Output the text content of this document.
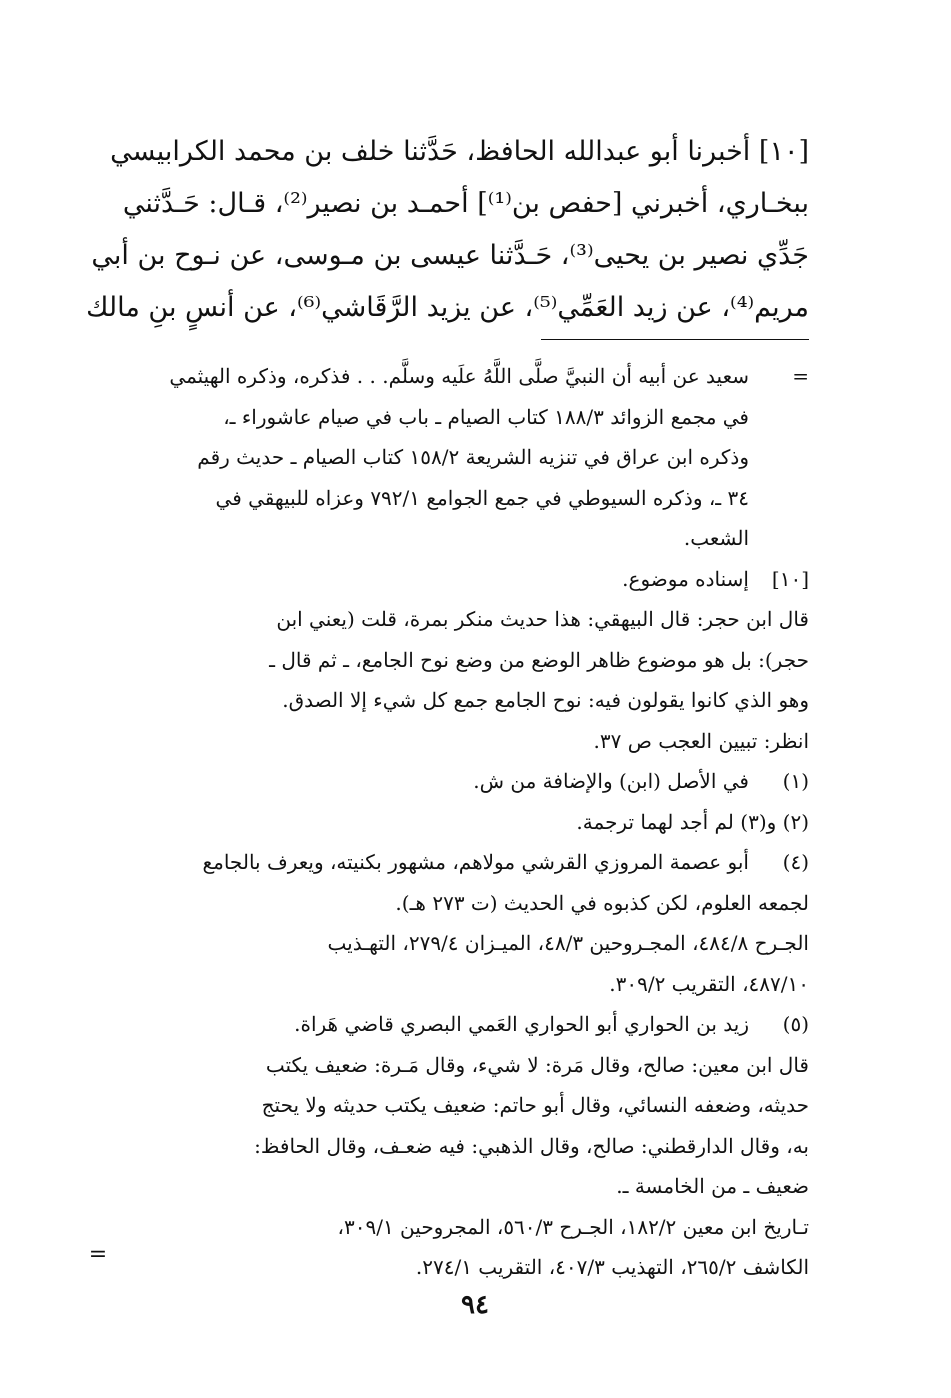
[١٠] أخبرنا أبو عبدالله الحافظ، حَدَّثنا خلف بن محمد الكرابيسي
ببخـاري، أخبرني [حفص بن⁽¹⁾] أحمـد بن نصير⁽²⁾، قـال: حَـدَّثني
جَدِّي نصير بن يحيى⁽³⁾، حَـدَّثنا عيسى بن مـوسى، عن نـوح بن أبي
مريم⁽⁴⁾، عن زيد العَمِّي⁽⁵⁾، عن يزيد الرَّقَاشي⁽⁶⁾، عن أنسٍ بنِ مالك
=
سعيد عن أبيه أن النبيَّ صلَّى اللَّهُ علَيه وسلَّم. . . فذكره، وذكره الهيثمي
في مجمع الزوائد ١٨٨/٣ كتاب الصيام ـ باب في صيام عاشوراء ـ،
وذكره ابن عراق في تنزيه الشريعة ١٥٨/٢ كتاب الصيام ـ حديث رقم
٣٤ ـ، وذكره السيوطي في جمع الجوامع ٧٩٢/١ وعزاه للبيهقي في
الشعب.
[١٠]
إسناده موضوع.
قال ابن حجر: قال البيهقي: هذا حديث منكر بمرة، قلت (يعني ابن
حجر): بل هو موضوع ظاهر الوضع من وضع نوح الجامع، ـ ثم قال ـ
وهو الذي كانوا يقولون فيه: نوح الجامع جمع كل شيء إلا الصدق.
انظر: تبيين العجب ص ٣٧.
(١)
في الأصل (ابن) والإضافة من ش.
(٢) و(٣) لم أجد لهما ترجمة.
(٤)
أبو عصمة المروزي القرشي مولاهم، مشهور بكنيته، ويعرف بالجامع
لجمعه العلوم، لكن كذبوه في الحديث (ت ٢٧٣ هـ).
الجـرح ٤٨٤/٨، المجـروحين ٤٨/٣، الميـزان ٢٧٩/٤، التهـذيب
٤٨٧/١٠، التقريب ٣٠٩/٢.
(٥)
زيد بن الحواري أبو الحواري العَمي البصري قاضي هَراة.
قال ابن معين: صالح، وقال مَرة: لا شيء، وقال مَـرة: ضعيف يكتب
حديثه، وضعفه النسائي، وقال أبو حاتم: ضعيف يكتب حديثه ولا يحتج
به، وقال الدارقطني: صالح، وقال الذهبي: فيه ضعـف، وقال الحافظ:
ضعيف ـ من الخامسة ـ.
تـاريخ ابن معين ١٨٢/٢، الجـرح ٥٦٠/٣، المجروحين ٣٠٩/١،
الكاشف ٢٦٥/٢، التهذيب ٤٠٧/٣، التقريب ٢٧٤/١.
=
٩٤
